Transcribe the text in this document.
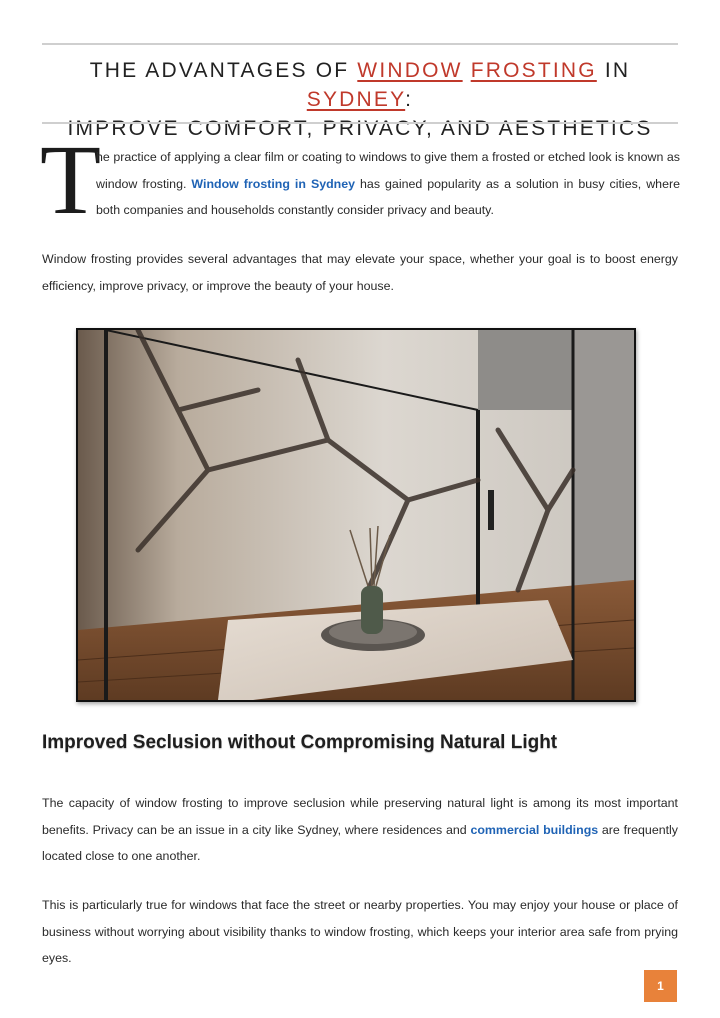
THE ADVANTAGES OF WINDOW FROSTING IN SYDNEY:
IMPROVE COMFORT, PRIVACY, AND AESTHETICS
T
he practice of applying a clear film or coating to windows to give them a frosted or etched look is known as window frosting. Window frosting in Sydney has gained popularity as a solution in busy cities, where both companies and households constantly consider privacy and beauty.
Window frosting provides several advantages that may elevate your space, whether your goal is to boost energy efficiency, improve privacy, or improve the beauty of your house.
Improved Seclusion without Compromising Natural Light
The capacity of window frosting to improve seclusion while preserving natural light is among its most important benefits. Privacy can be an issue in a city like Sydney, where residences and commercial buildings are frequently located close to one another.
This is particularly true for windows that face the street or nearby properties. You may enjoy your house or place of business without worrying about visibility thanks to window frosting, which keeps your interior area safe from prying eyes.
1
